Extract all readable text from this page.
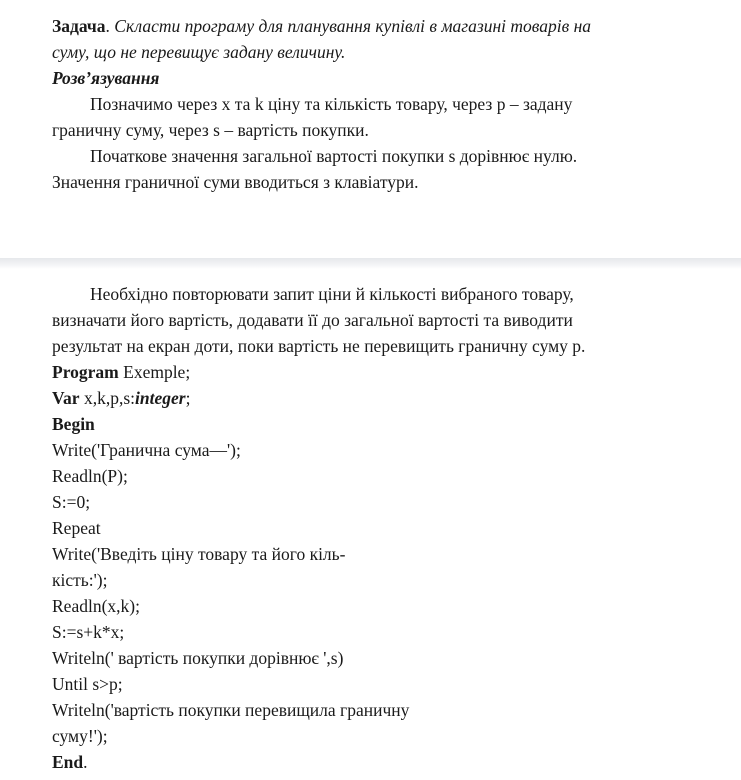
Задача. Скласти програму для планування купівлі в магазині товарів на
суму, що не перевищує задану величину.
Розв’язування
Позначимо через x та k ціну та кількість товару, через p – задану
граничну суму, через s – вартість покупки.
Початкове значення загальної вартості покупки s дорівнює нулю.
Значення граничної суми вводиться з клавіатури.
Необхідно повторювати запит ціни й кількості вибраного товару,
визначати його вартість, додавати її до загальної вартості та виводити
результат на екран доти, поки вартість не перевищить граничну суму p.
Program Exemple;
Var x,k,p,s:integer;
Begin
Write('Гранична сума—');
Readln(P);
S:=0;
Repeat
Write('Введіть ціну товару та його кіль-
кість:');
Readln(x,k);
S:=s+k*x;
Writeln(' вартість покупки дорівнює ',s)
Until s>p;
Writeln('вартість покупки перевищила граничну
суму!');
End.
